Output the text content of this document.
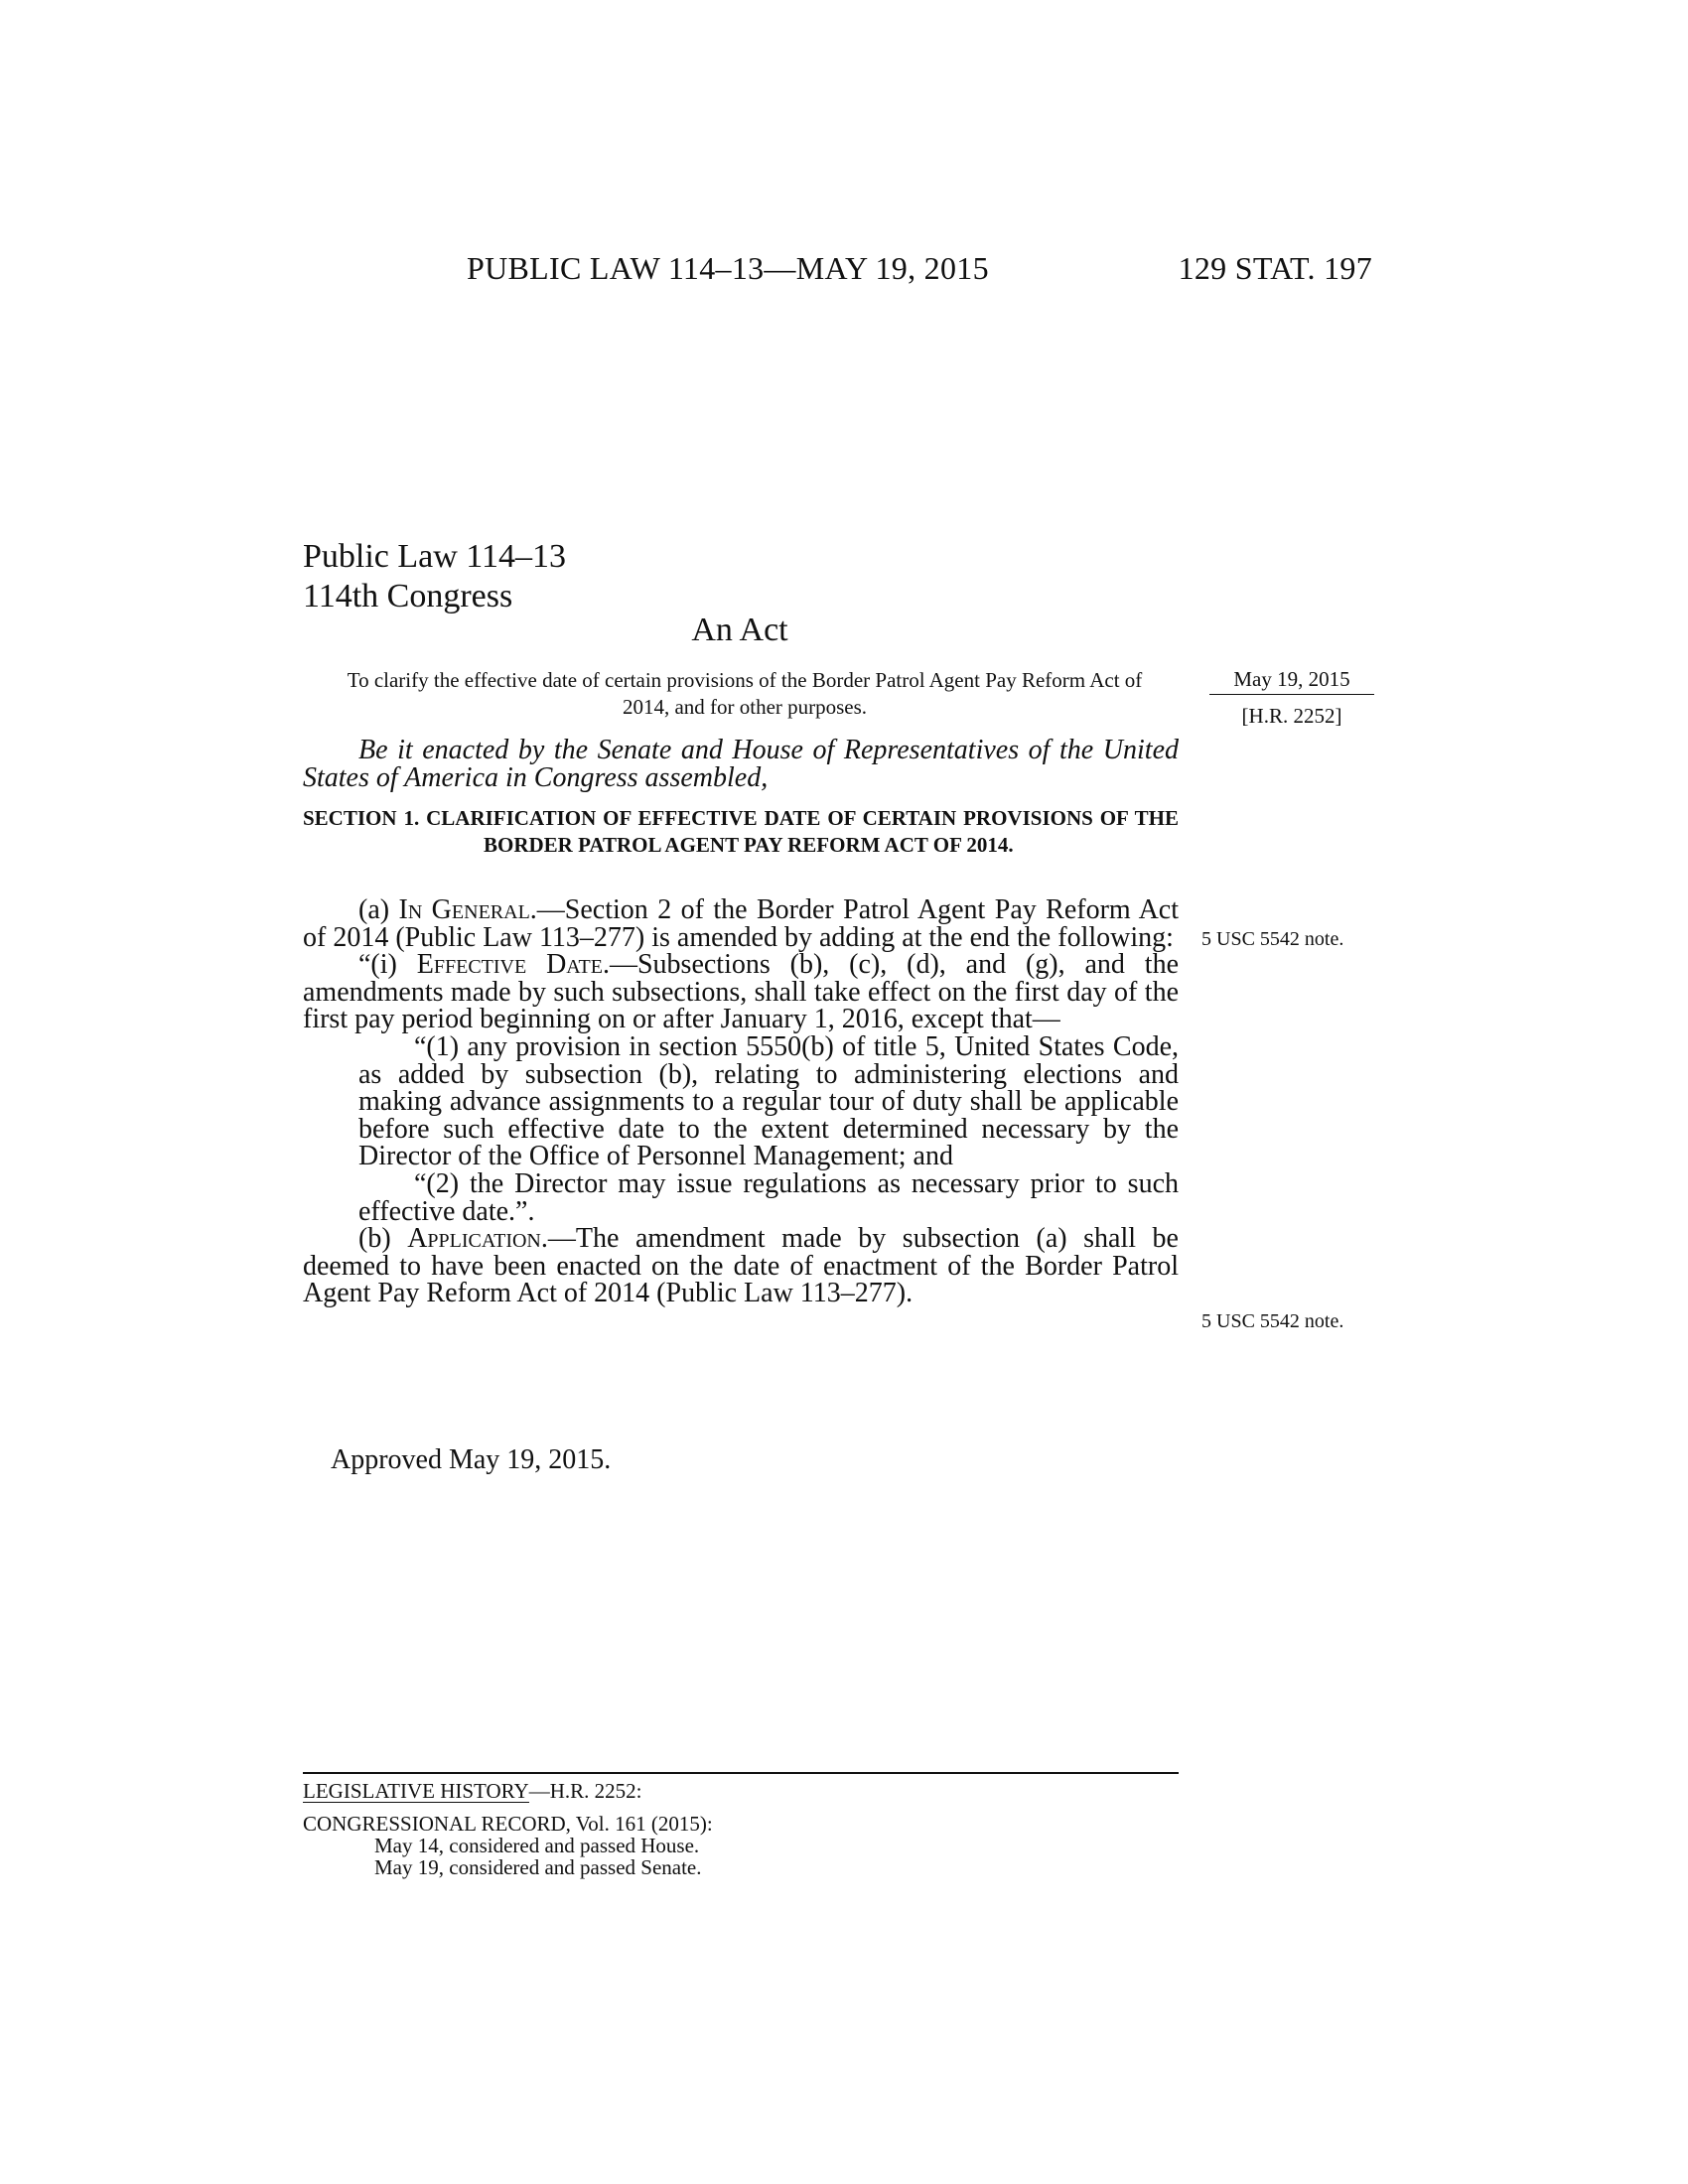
PUBLIC LAW 114–13—MAY 19, 2015	129 STAT. 197
Public Law 114–13
114th Congress
An Act
To clarify the effective date of certain provisions of the Border Patrol Agent Pay Reform Act of 2014, and for other purposes.
May 19, 2015
[H.R. 2252]
Be it enacted by the Senate and House of Representatives of the United States of America in Congress assembled,
SECTION 1. CLARIFICATION OF EFFECTIVE DATE OF CERTAIN PROVISIONS OF THE BORDER PATROL AGENT PAY REFORM ACT OF 2014.

(a) In General.—Section 2 of the Border Patrol Agent Pay Reform Act of 2014 (Public Law 113–277) is amended by adding at the end the following:

“(i) Effective Date.—Subsections (b), (c), (d), and (g), and the amendments made by such subsections, shall take effect on the first day of the first pay period beginning on or after January 1, 2016, except that—

“(1) any provision in section 5550(b) of title 5, United States Code, as added by subsection (b), relating to administering elections and making advance assignments to a regular tour of duty shall be applicable before such effective date to the extent determined necessary by the Director of the Office of Personnel Management; and

“(2) the Director may issue regulations as necessary prior to such effective date.”.

(b) Application.—The amendment made by subsection (a) shall be deemed to have been enacted on the date of enactment of the Border Patrol Agent Pay Reform Act of 2014 (Public Law 113–277).

5 USC 5542 note.
5 USC 5542 note.
Approved May 19, 2015.
LEGISLATIVE HISTORY—H.R. 2252:
CONGRESSIONAL RECORD, Vol. 161 (2015):
May 14, considered and passed House.
May 19, considered and passed Senate.
